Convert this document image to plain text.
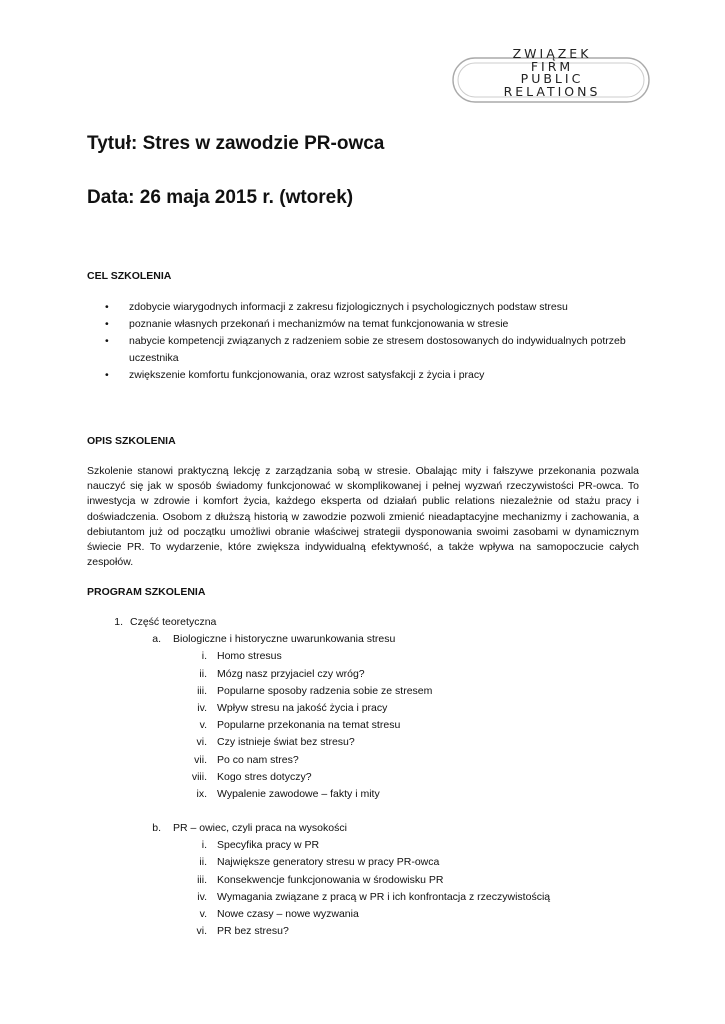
ZWIĄZEK
FIRM
PUBLIC
RELATIONS
Tytuł: Stres w zawodzie PR-owca
Data: 26 maja 2015 r. (wtorek)
CEL SZKOLENIA
• zdobycie wiarygodnych informacji z zakresu fizjologicznych i psychologicznych podstaw stresu
• poznanie własnych przekonań i mechanizmów na temat funkcjonowania w stresie
• nabycie kompetencji związanych z radzeniem sobie ze stresem dostosowanych do indywidualnych potrzeb uczestnika
• zwiększenie komfortu funkcjonowania, oraz wzrost satysfakcji z życia i pracy
OPIS SZKOLENIA

Szkolenie stanowi praktyczną lekcję z zarządzania sobą w stresie. Obalając mity i fałszywe przekonania pozwala nauczyć się jak w sposób świadomy funkcjonować w skomplikowanej i pełnej wyzwań rzeczywistości PR-owca. To inwestycja w zdrowie i komfort życia, każdego eksperta od działań public relations niezależnie od stażu pracy i doświadczenia. Osobom z dłuższą historią w zawodzie pozwoli zmienić nieadaptacyjne mechanizmy i zachowania, a debiutantom już od początku umożliwi obranie właściwej strategii dysponowania swoimi zasobami w dynamicznym świecie PR. To wydarzenie, które zwiększa indywidualną efektywność, a także wpływa na samopoczucie całych zespołów.

PROGRAM SZKOLENIA
1. Część teoretyczna
a. Biologiczne i historyczne uwarunkowania stresu
i. Homo stresus
ii. Mózg nasz przyjaciel czy wróg?
iii. Popularne sposoby radzenia sobie ze stresem
iv. Wpływ stresu na jakość życia i pracy
v. Popularne przekonania na temat stresu
vi. Czy istnieje świat bez stresu?
vii. Po co nam stres?
viii. Kogo stres dotyczy?
ix. Wypalenie zawodowe – fakty i mity
b. PR – owiec, czyli praca na wysokości
i. Specyfika pracy w PR
ii. Największe generatory stresu w pracy PR-owca
iii. Konsekwencje funkcjonowania w środowisku PR
iv. Wymagania związane z pracą w PR i ich konfrontacja z rzeczywistością
v. Nowe czasy – nowe wyzwania
vi. PR bez stresu?
